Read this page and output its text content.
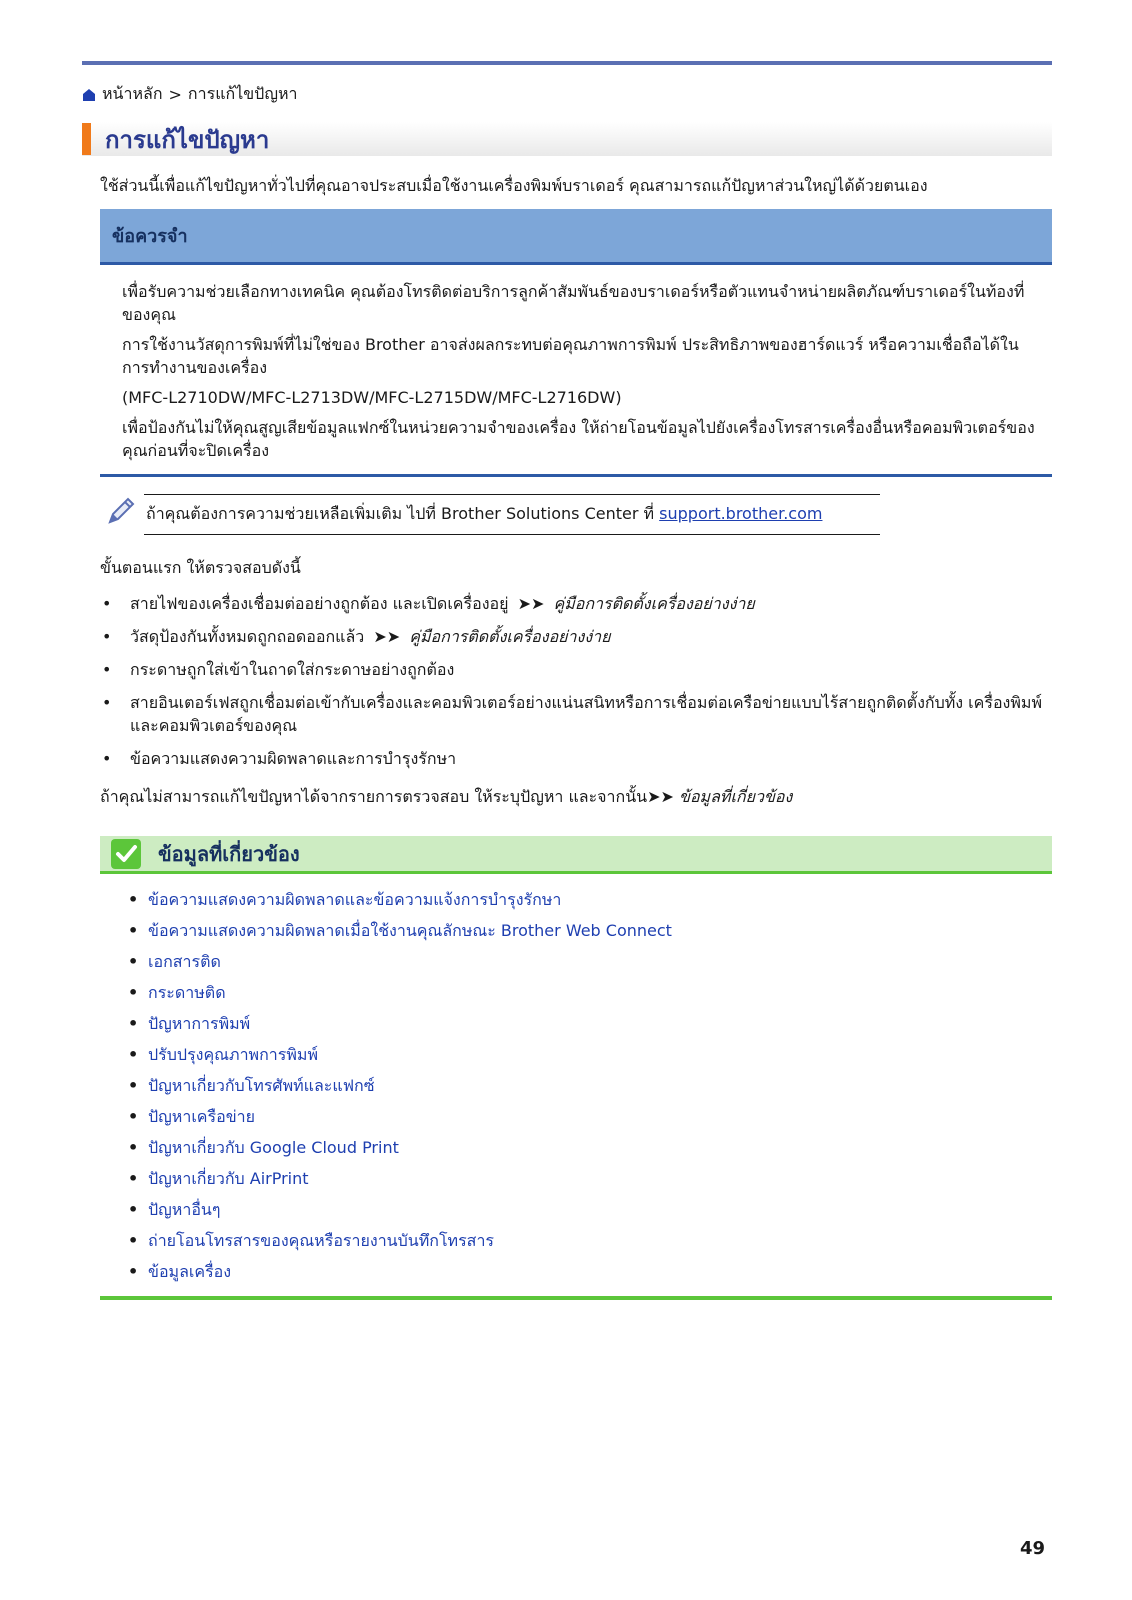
หน้าหลัก > การแก้ไขปัญหา
การแก้ไขปัญหา
ใช้ส่วนนี้เพื่อแก้ไขปัญหาทั่วไปที่คุณอาจประสบเมื่อใช้งานเครื่องพิมพ์บราเดอร์ คุณสามารถแก้ปัญหาส่วนใหญ่ได้ด้วยตนเอง
ข้อควรจำ

เพื่อรับความช่วยเลือกทางเทคนิค คุณต้องโทรติดต่อบริการลูกค้าสัมพันธ์ของบราเดอร์หรือตัวแทนจำหน่ายผลิตภัณฑ์บราเดอร์ในท้องที่ของคุณ

การใช้งานวัสดุการพิมพ์ที่ไม่ใช่ของ Brother อาจส่งผลกระทบต่อคุณภาพการพิมพ์ ประสิทธิภาพของฮาร์ดแวร์ หรือความเชื่อถือได้ในการทำงานของเครื่อง

(MFC-L2710DW/MFC-L2713DW/MFC-L2715DW/MFC-L2716DW)

เพื่อป้องกันไม่ให้คุณสูญเสียข้อมูลแฟกซ์ในหน่วยความจำของเครื่อง ให้ถ่ายโอนข้อมูลไปยังเครื่องโทรสารเครื่องอื่นหรือคอมพิวเตอร์ของคุณก่อนที่จะปิดเครื่อง

ถ้าคุณต้องการความช่วยเหลือเพิ่มเติม ไปที่ Brother Solutions Center ที่ support.brother.com
ขั้นตอนแรก ให้ตรวจสอบดังนี้
• สายไฟของเครื่องเชื่อมต่ออย่างถูกต้อง และเปิดเครื่องอยู่ ➤➤ คู่มือการติดตั้งเครื่องอย่างง่าย
• วัสดุป้องกันทั้งหมดถูกถอดออกแล้ว ➤➤ คู่มือการติดตั้งเครื่องอย่างง่าย
• กระดาษถูกใส่เข้าในถาดใส่กระดาษอย่างถูกต้อง
• สายอินเตอร์เฟสถูกเชื่อมต่อเข้ากับเครื่องและคอมพิวเตอร์อย่างแน่นสนิทหรือการเชื่อมต่อเครือข่ายแบบไร้สายถูกติดตั้งกับทั้ง เครื่องพิมพ์และคอมพิวเตอร์ของคุณ
• ข้อความแสดงความผิดพลาดและการบำรุงรักษา
ถ้าคุณไม่สามารถแก้ไขปัญหาได้จากรายการตรวจสอบ ให้ระบุปัญหา และจากนั้น➤➤ ข้อมูลที่เกี่ยวข้อง
ข้อมูลที่เกี่ยวข้อง
• ข้อความแสดงความผิดพลาดและข้อความแจ้งการบำรุงรักษา
• ข้อความแสดงความผิดพลาดเมื่อใช้งานคุณลักษณะ Brother Web Connect
• เอกสารติด
• กระดาษติด
• ปัญหาการพิมพ์
• ปรับปรุงคุณภาพการพิมพ์
• ปัญหาเกี่ยวกับโทรศัพท์และแฟกซ์
• ปัญหาเครือข่าย
• ปัญหาเกี่ยวกับ Google Cloud Print
• ปัญหาเกี่ยวกับ AirPrint
• ปัญหาอื่นๆ
• ถ่ายโอนโทรสารของคุณหรือรายงานบันทึกโทรสาร
• ข้อมูลเครื่อง
49
